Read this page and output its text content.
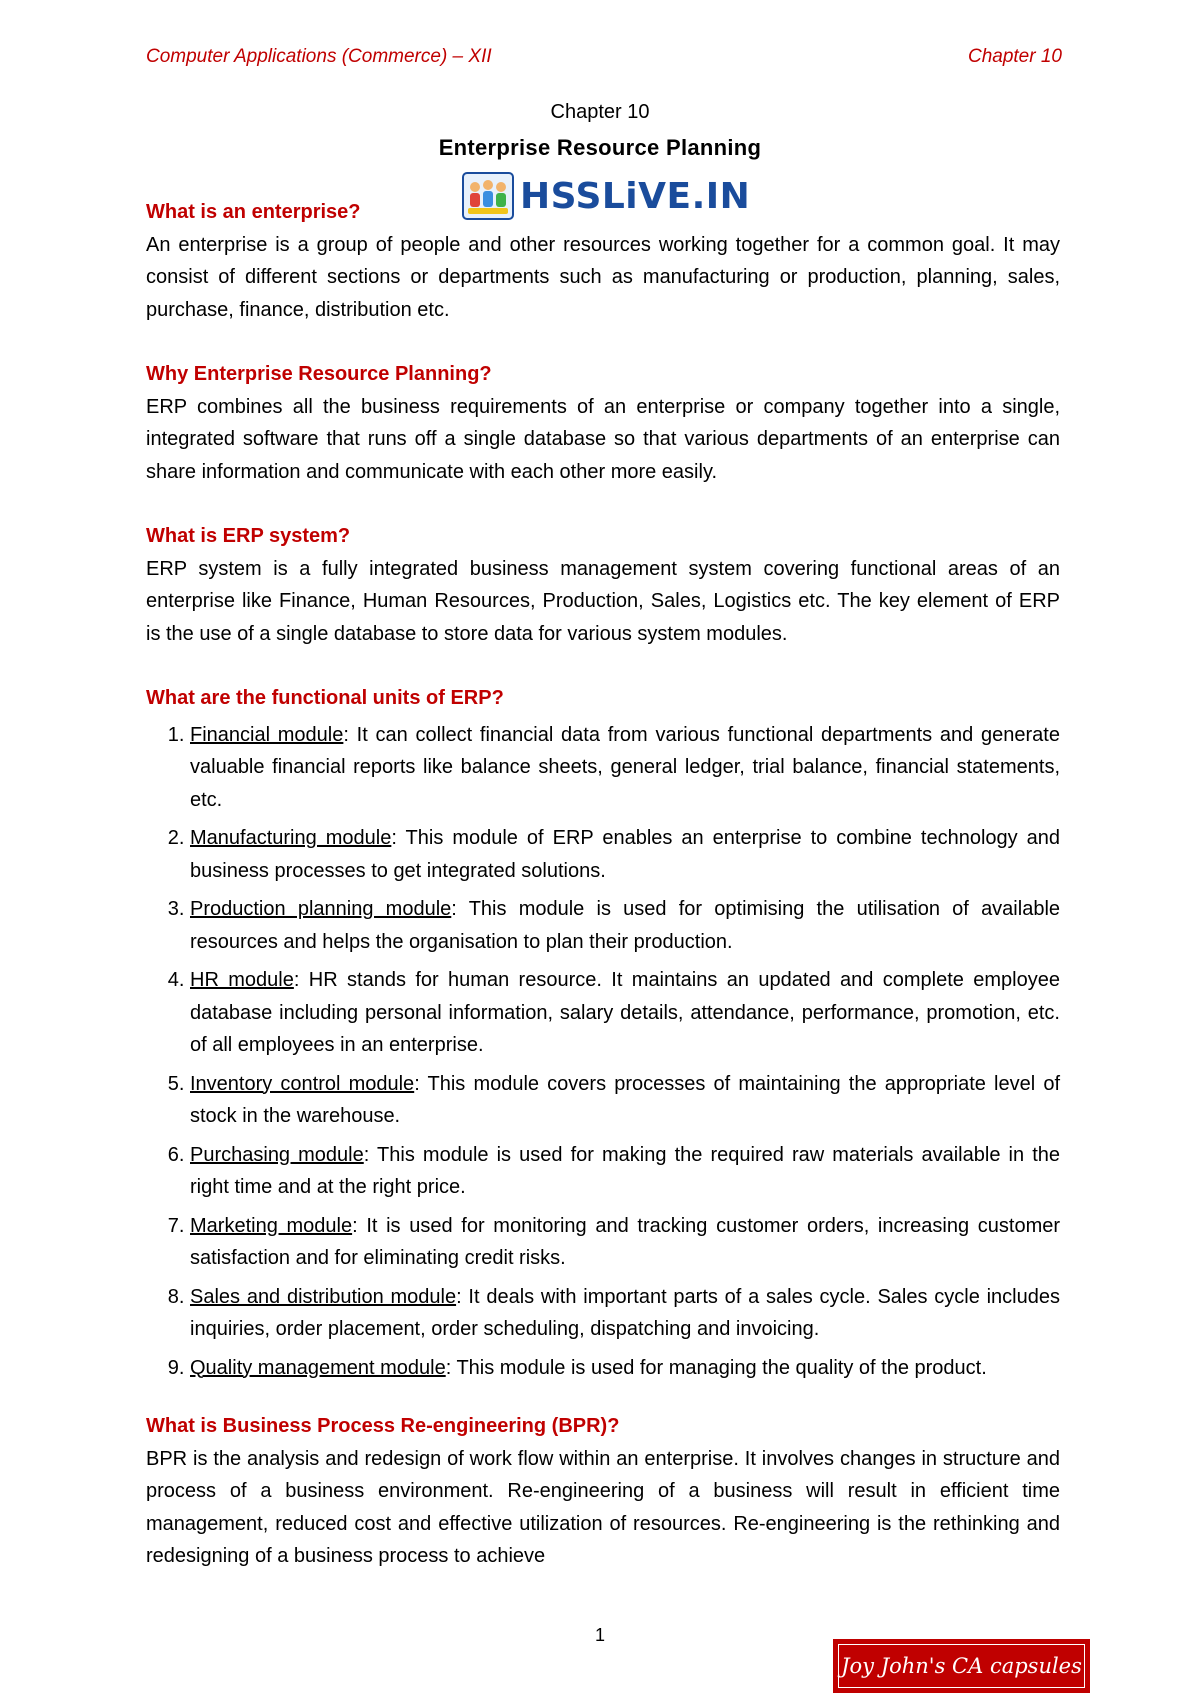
Computer Applications (Commerce) – XII	Chapter 10
Chapter 10
Enterprise Resource Planning
HSSLiVE.IN

What is an enterprise?

An enterprise is a group of people and other resources working together for a common goal. It may consist of different sections or departments such as manufacturing or production, planning, sales, purchase, finance, distribution etc.

Why Enterprise Resource Planning?

ERP combines all the business requirements of an enterprise or company together into a single, integrated software that runs off a single database so that various departments of an enterprise can share information and communicate with each other more easily.

What is ERP system?

ERP system is a fully integrated business management system covering functional areas of an enterprise like Finance, Human Resources, Production, Sales, Logistics etc. The key element of ERP is the use of a single database to store data for various system modules.

What are the functional units of ERP?

1. Financial module: It can collect financial data from various functional departments and generate valuable financial reports like balance sheets, general ledger, trial balance, financial statements, etc.
2. Manufacturing module: This module of ERP enables an enterprise to combine technology and business processes to get integrated solutions.
3. Production planning module: This module is used for optimising the utilisation of available resources and helps the organisation to plan their production.
4. HR module: HR stands for human resource. It maintains an updated and complete employee database including personal information, salary details, attendance, performance, promotion, etc. of all employees in an enterprise.
5. Inventory control module: This module covers processes of maintaining the appropriate level of stock in the warehouse.
6. Purchasing module: This module is used for making the required raw materials available in the right time and at the right price.
7. Marketing module: It is used for monitoring and tracking customer orders, increasing customer satisfaction and for eliminating credit risks.
8. Sales and distribution module: It deals with important parts of a sales cycle. Sales cycle includes inquiries, order placement, order scheduling, dispatching and invoicing.
9. Quality management module: This module is used for managing the quality of the product.

What is Business Process Re-engineering (BPR)?

BPR is the analysis and redesign of work flow within an enterprise. It involves changes in structure and process of a business environment. Re-engineering of a business will result in efficient time management, reduced cost and effective utilization of resources. Re-engineering is the rethinking and redesigning of a business process to achieve

1
Joy John's CA capsules
